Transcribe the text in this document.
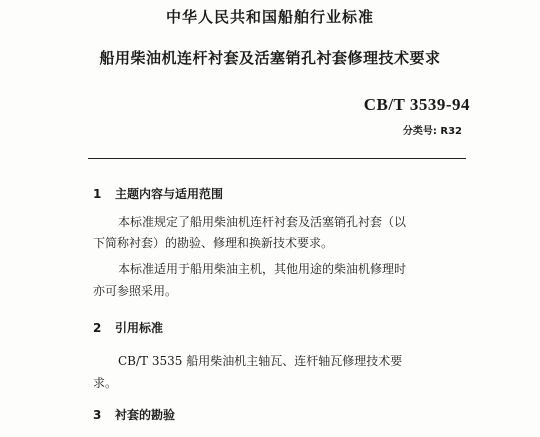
中华人民共和国船舶行业标准
船用柴油机连杆衬套及活塞销孔衬套修理技术要求
CB/T 3539-94
分类号: R32
1 主题内容与适用范围
本标准规定了船用柴油机连杆衬套及活塞销孔衬套（以
下简称衬套）的勘验、修理和换新技术要求。
本标准适用于船用柴油主机，其他用途的柴油机修理时
亦可参照采用。
2 引用标准
CB/T 3535 船用柴油机主轴瓦、连杆轴瓦修理技术要
求。
3 衬套的勘验
